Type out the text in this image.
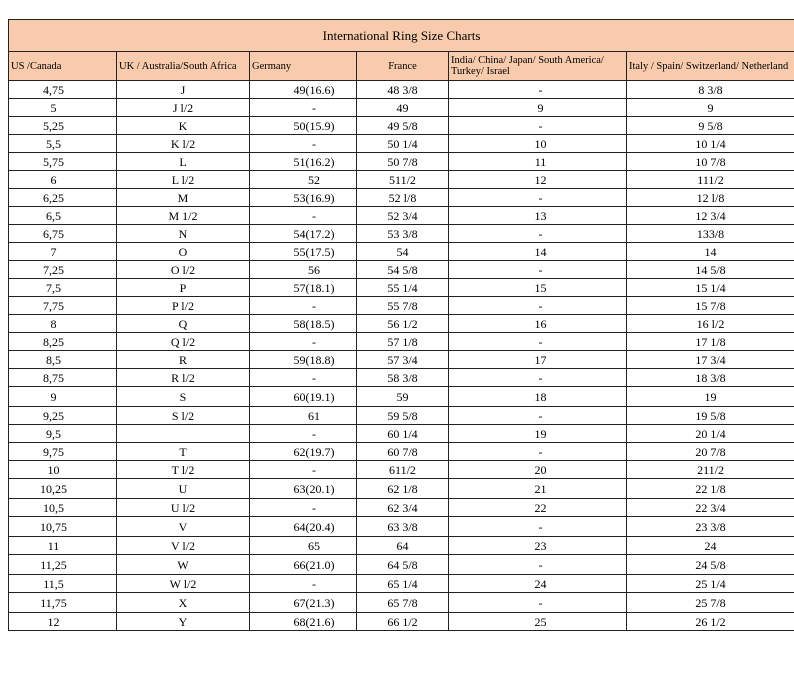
International Ring Size Charts					
US /Canada	UK / Australia/South Africa	Germany	France	India/ China/ Japan/ South America/ Turkey/ Israel	Italy / Spain/ Switzerland/ Netherland
4,75	J	49(16.6)	48 3/8	-	8 3/8
5	J l/2	-	49	9	9
5,25	K	50(15.9)	49 5/8	-	9 5/8
5,5	K l/2	-	50 1/4	10	10 1/4
5,75	L	51(16.2)	50 7/8	11	10 7/8
6	L l/2	52	511/2	12	111/2
6,25	M	53(16.9)	52 l/8	-	12 l/8
6,5	M 1/2	-	52 3/4	13	12 3/4
6,75	N	54(17.2)	53 3/8	-	133/8
7	O	55(17.5)	54	14	14
7,25	O l/2	56	54 5/8	-	14 5/8
7,5	P	57(18.1)	55 1/4	15	15 1/4
7,75	P l/2	-	55 7/8	-	15 7/8
8	Q	58(18.5)	56 1/2	16	16 l/2
8,25	Q l/2	-	57 1/8	-	17 1/8
8,5	R	59(18.8)	57 3/4	17	17 3/4
8,75	R l/2	-	58 3/8	-	18 3/8
9	S	60(19.1)	59	18	19
9,25	S l/2	61	59 5/8	-	19 5/8
9,5		-	60 1/4	19	20 1/4
9,75	T	62(19.7)	60 7/8	-	20 7/8
10	T l/2	-	611/2	20	211/2
10,25	U	63(20.1)	62 1/8	21	22 1/8
10,5	U l/2	-	62 3/4	22	22 3/4
10,75	V	64(20.4)	63 3/8	-	23 3/8
11	V l/2	65	64	23	24
11,25	W	66(21.0)	64 5/8	-	24 5/8
11,5	W l/2	-	65 1/4	24	25 1/4
11,75	X	67(21.3)	65 7/8	-	25 7/8
12	Y	68(21.6)	66 1/2	25	26 1/2
